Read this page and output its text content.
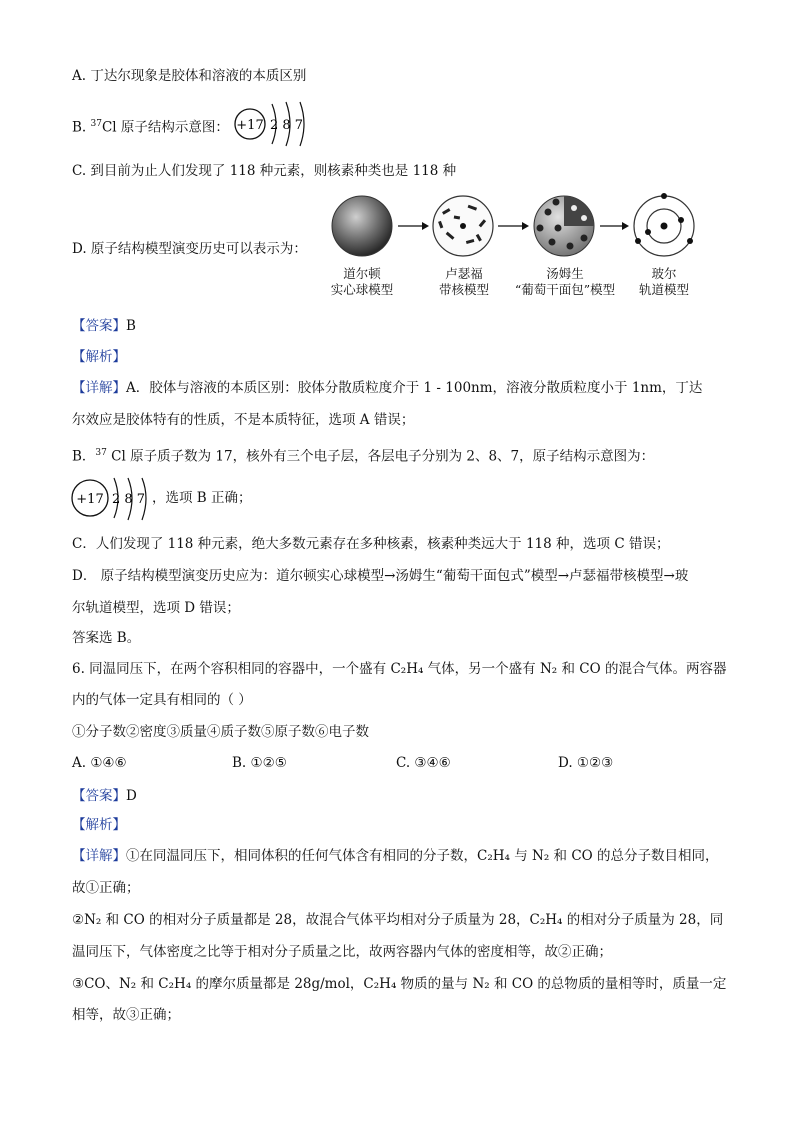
A. 丁达尔现象是胶体和溶液的本质区别
B. $^{37}$Cl 原子结构示意图： +17 2 8 7
C. 到目前为止人们发现了 118 种元素，则核素种类也是 118 种
D. 原子结构模型演变历史可以表示为：
道尔顿
实心球模型
卢瑟福
带核模型
汤姆生
“葡萄干面包”模型
玻尔
轨道模型
【答案】B
【解析】
【详解】A．胶体与溶液的本质区别：胶体分散质粒度介于 1 - 100nm，溶液分散质粒度小于 1nm，丁达
尔效应是胶体特有的性质，不是本质特征，选项 A 错误；
B．$^{37}$ Cl 原子质子数为 17，核外有三个电子层，各层电子分别为 2、8、7，原子结构示意图为：
+17 2 8 7 ，选项 B 正确；
C．人们发现了 118 种元素，绝大多数元素存在多种核素，核素种类远大于 118 种，选项 C 错误；
D． 原子结构模型演变历史应为：道尔顿实心球模型→汤姆生“葡萄干面包式”模型→卢瑟福带核模型→玻
尔轨道模型，选项 D 错误；
答案选 B。
6. 同温同压下，在两个容积相同的容器中，一个盛有 C₂H₄ 气体，另一个盛有 N₂ 和 CO 的混合气体。两容器
内的气体一定具有相同的（ ）
①分子数②密度③质量④质子数⑤原子数⑥电子数
A. ①④⑥	B. ①②⑤	C. ③④⑥	D. ①②③
【答案】D
【解析】
【详解】①在同温同压下，相同体积的任何气体含有相同的分子数，C₂H₄ 与 N₂ 和 CO 的总分子数目相同，
故①正确；
②N₂ 和 CO 的相对分子质量都是 28，故混合气体平均相对分子质量为 28，C₂H₄ 的相对分子质量为 28，同
温同压下，气体密度之比等于相对分子质量之比，故两容器内气体的密度相等，故②正确；
③CO、N₂ 和 C₂H₄ 的摩尔质量都是 28g/mol，C₂H₄ 物质的量与 N₂ 和 CO 的总物质的量相等时，质量一定
相等，故③正确；
